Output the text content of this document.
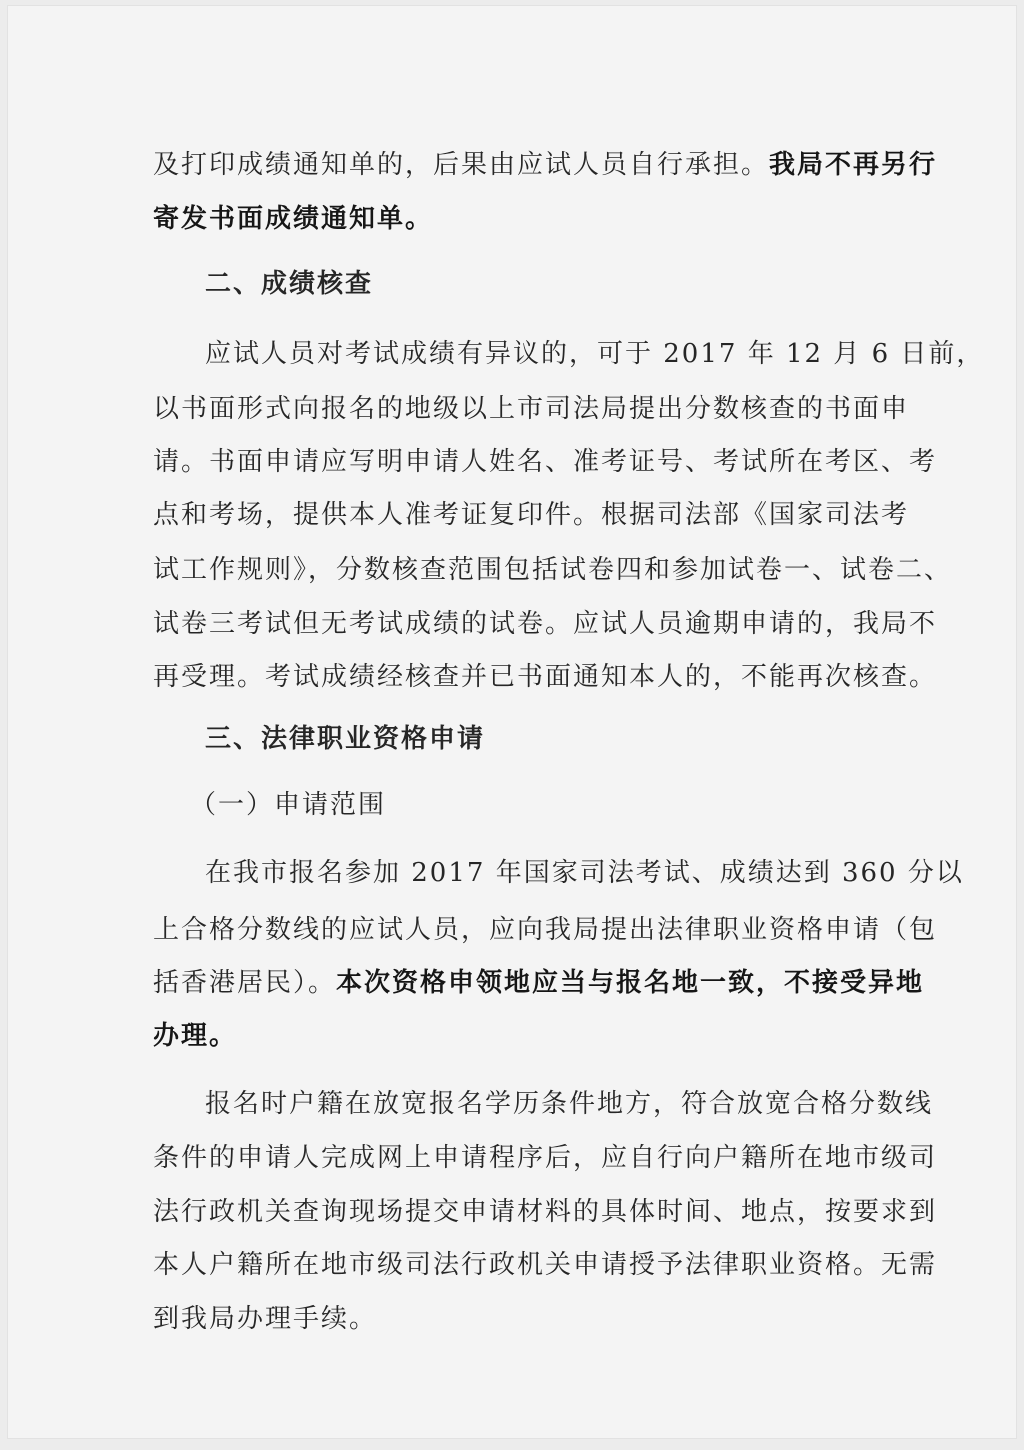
及打印成绩通知单的，后果由应试人员自行承担。我局不再另行
寄发书面成绩通知单。
二、成绩核查
应试人员对考试成绩有异议的，可于 2017 年 12 月 6 日前，
以书面形式向报名的地级以上市司法局提出分数核查的书面申
请。书面申请应写明申请人姓名、准考证号、考试所在考区、考
点和考场，提供本人准考证复印件。根据司法部《国家司法考
试工作规则》，分数核查范围包括试卷四和参加试卷一、试卷二、
试卷三考试但无考试成绩的试卷。应试人员逾期申请的，我局不
再受理。考试成绩经核查并已书面通知本人的，不能再次核查。
三、法律职业资格申请
（一）申请范围
在我市报名参加 2017 年国家司法考试、成绩达到 360 分以
上合格分数线的应试人员，应向我局提出法律职业资格申请（包
括香港居民）。本次资格申领地应当与报名地一致，不接受异地
办理。
报名时户籍在放宽报名学历条件地方，符合放宽合格分数线
条件的申请人完成网上申请程序后，应自行向户籍所在地市级司
法行政机关查询现场提交申请材料的具体时间、地点，按要求到
本人户籍所在地市级司法行政机关申请授予法律职业资格。无需
到我局办理手续。
